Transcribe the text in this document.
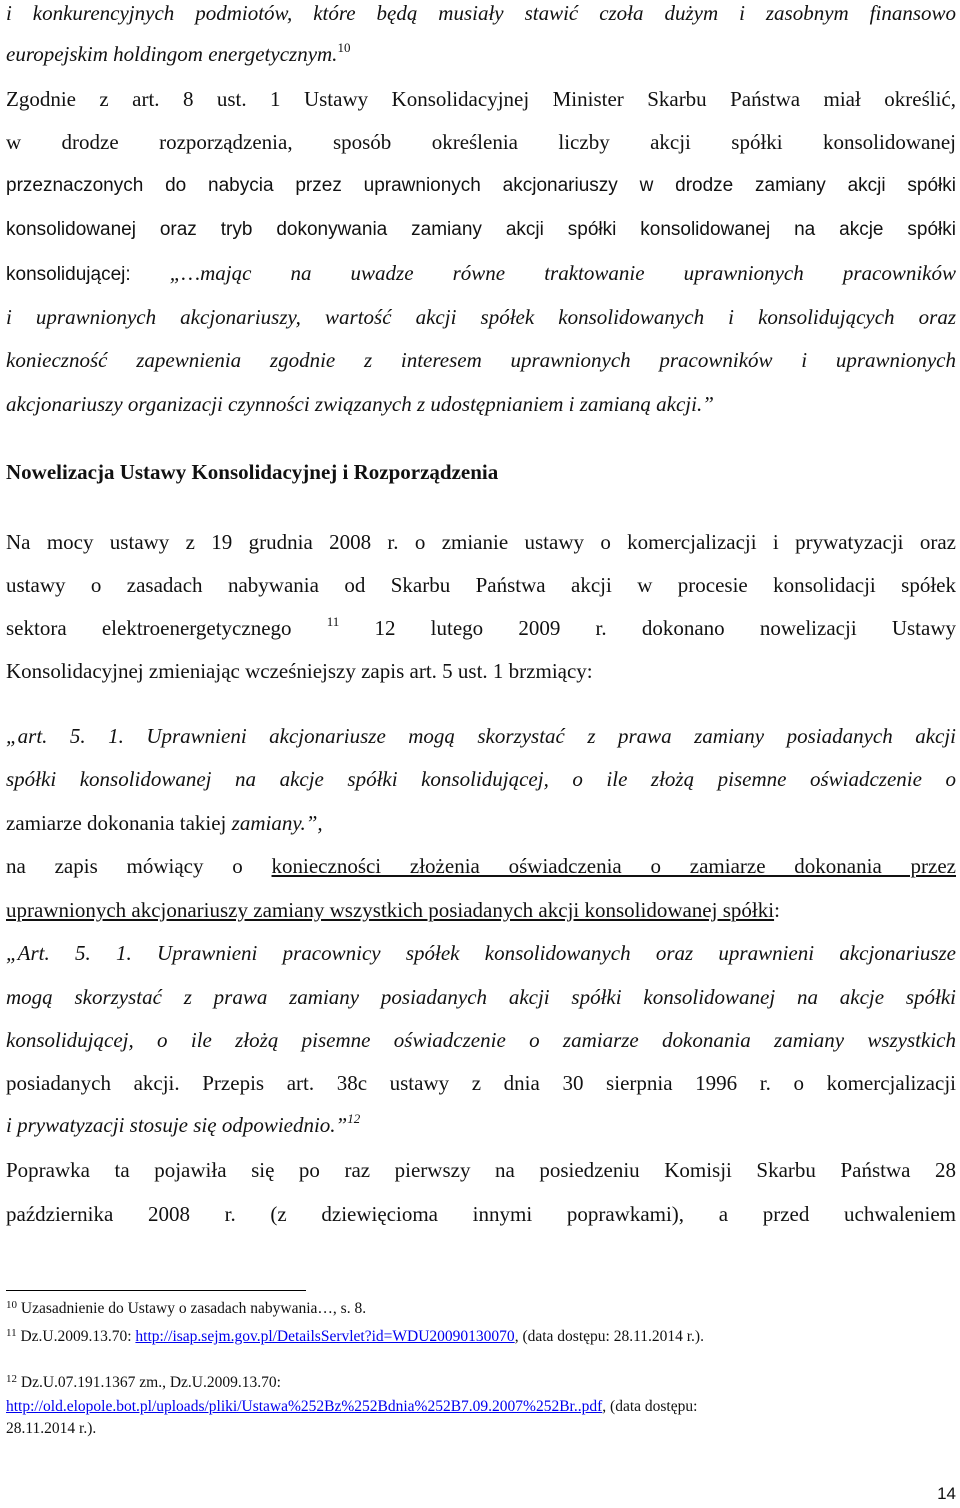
i konkurencyjnych podmiotów, które będą musiały stawić czoła dużym i zasobnym finansowo
europejskim holdingom energetycznym.$^{10}$
Zgodnie z art. 8 ust. 1 Ustawy Konsolidacyjnej Minister Skarbu Państwa miał określić,
w drodze rozporządzenia, sposób określenia liczby akcji spółki konsolidowanej
przeznaczonych do nabycia przez uprawnionych akcjonariuszy w drodze zamiany akcji spółki
konsolidowanej oraz tryb dokonywania zamiany akcji spółki konsolidowanej na akcje spółki
konsolidującej: „…mając na uwadze równe traktowanie uprawnionych pracowników
i uprawnionych akcjonariuszy, wartość akcji spółek konsolidowanych i konsolidujących oraz
konieczność zapewnienia zgodnie z interesem uprawnionych pracowników i uprawnionych
akcjonariuszy organizacji czynności związanych z udostępnianiem i zamianą akcji.”
Nowelizacja Ustawy Konsolidacyjnej i Rozporządzenia
Na mocy ustawy z 19 grudnia 2008 r. o zmianie ustawy o komercjalizacji i prywatyzacji oraz
ustawy o zasadach nabywania od Skarbu Państwa akcji w procesie konsolidacji spółek
sektora elektroenergetycznego	$^{11}$ 12 lutego 2009 r. dokonano nowelizacji Ustawy
Konsolidacyjnej zmieniając wcześniejszy zapis art. 5 ust. 1 brzmiący:
„art. 5. 1. Uprawnieni akcjonariusze mogą skorzystać z prawa zamiany posiadanych akcji
spółki konsolidowanej na akcje spółki konsolidującej, o ile złożą pisemne oświadczenie o
zamiarze dokonania takiej zamiany.”,
na zapis mówiący o konieczności złożenia oświadczenia o zamiarze dokonania przez
uprawnionych akcjonariuszy zamiany wszystkich posiadanych akcji konsolidowanej spółki:
„Art. 5. 1. Uprawnieni pracownicy spółek konsolidowanych oraz uprawnieni akcjonariusze
mogą skorzystać z prawa zamiany posiadanych akcji spółki konsolidowanej na akcje spółki
konsolidującej, o ile złożą pisemne oświadczenie o zamiarze dokonania zamiany wszystkich
posiadanych akcji. Przepis art. 38c ustawy z dnia 30 sierpnia 1996 r. o komercjalizacji
i prywatyzacji stosuje się odpowiednio.”$^{12}$
Poprawka ta pojawiła się po raz pierwszy na posiedzeniu Komisji Skarbu Państwa 28
października 2008 r. (z dziewięcioma innymi poprawkami), a przed uchwaleniem
$^{10}$ Uzasadnienie do Ustawy o zasadach nabywania…, s. 8.
$^{11}$ Dz.U.2009.13.70: http://isap.sejm.gov.pl/DetailsServlet?id=WDU20090130070, (data dostępu: 28.11.2014 r.).
$^{12}$ Dz.U.07.191.1367 zm., Dz.U.2009.13.70:
http://old.elopole.bot.pl/uploads/pliki/Ustawa%252Bz%252Bdnia%252B7.09.2007%252Br..pdf, (data dostępu:
28.11.2014 r.).
14
